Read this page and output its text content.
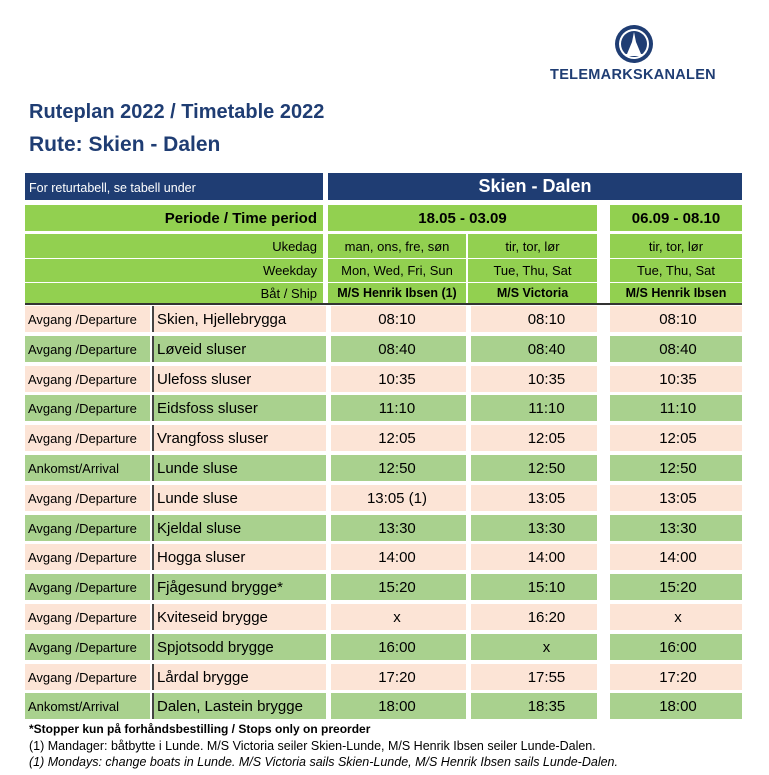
TELEMARKSKANALEN
Ruteplan 2022 / Timetable 2022
Rute: Skien - Dalen
For returtabell, se tabell under	Skien - Dalen
Periode / Time period	18.05 - 03.09	06.09 - 08.10
Ukedag	man, ons, fre, søn	tir, tor, lør	tir, tor, lør
Weekday	Mon, Wed, Fri, Sun	Tue, Thu, Sat	Tue, Thu, Sat
Båt / Ship	M/S Henrik Ibsen (1)	M/S Victoria	M/S Henrik Ibsen
Avgang /Departure	Skien, Hjellebrygga	08:10	08:10	08:10
Avgang /Departure	Løveid sluser	08:40	08:40	08:40
Avgang /Departure	Ulefoss sluser	10:35	10:35	10:35
Avgang /Departure	Eidsfoss sluser	11:10	11:10	11:10
Avgang /Departure	Vrangfoss sluser	12:05	12:05	12:05
Ankomst/Arrival	Lunde sluse	12:50	12:50	12:50
Avgang /Departure	Lunde sluse	13:05 (1)	13:05	13:05
Avgang /Departure	Kjeldal sluse	13:30	13:30	13:30
Avgang /Departure	Hogga sluser	14:00	14:00	14:00
Avgang /Departure	Fjågesund brygge*	15:20	15:10	15:20
Avgang /Departure	Kviteseid brygge	x	16:20	x
Avgang /Departure	Spjotsodd brygge	16:00	x	16:00
Avgang /Departure	Lårdal brygge	17:20	17:55	17:20
Ankomst/Arrival	Dalen, Lastein brygge	18:00	18:35	18:00
*Stopper kun på forhåndsbestilling / Stops only on preorder
(1) Mandager: båtbytte i Lunde. M/S Victoria seiler Skien-Lunde, M/S Henrik Ibsen seiler Lunde-Dalen.
(1) Mondays: change boats in Lunde. M/S Victoria sails Skien-Lunde, M/S Henrik Ibsen sails Lunde-Dalen.
